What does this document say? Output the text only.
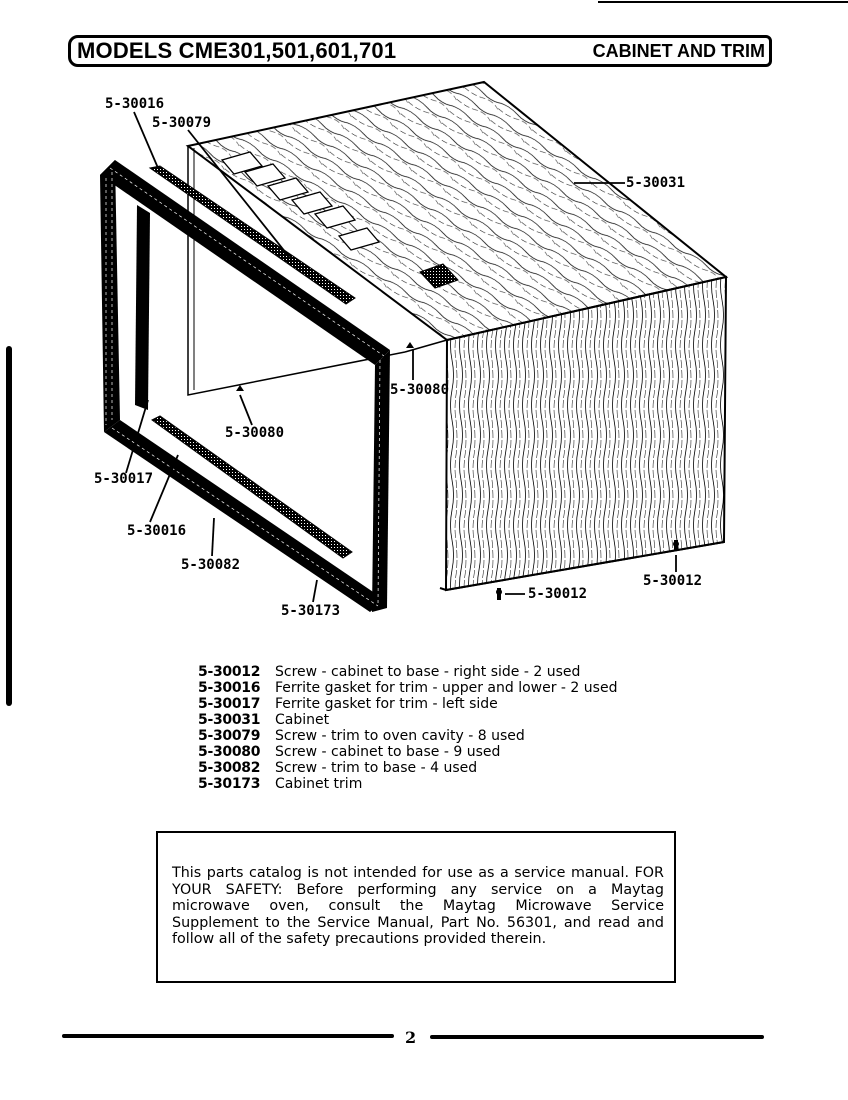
MODELS CME301,501,601,701	CABINET AND TRIM
5-30016
5-30079
5-30031
5-30080
5-30080
5-30017
5-30016
5-30082
5-30173
5-30012
5-30012
5-30012	Screw - cabinet to base - right side - 2 used
5-30016	Ferrite gasket for trim - upper and lower - 2 used
5-30017	Ferrite gasket for trim - left side
5-30031	Cabinet
5-30079	Screw - trim to oven cavity - 8 used
5-30080	Screw - cabinet to base - 9 used
5-30082	Screw - trim to base - 4 used
5-30173	Cabinet trim
This parts catalog is not intended for use as a service manual. FOR YOUR SAFETY: Before performing any service on a Maytag microwave oven, consult the Maytag Microwave Service Supplement to the Service Manual, Part No. 56301, and read and follow all of the safety precautions provided therein.
2
